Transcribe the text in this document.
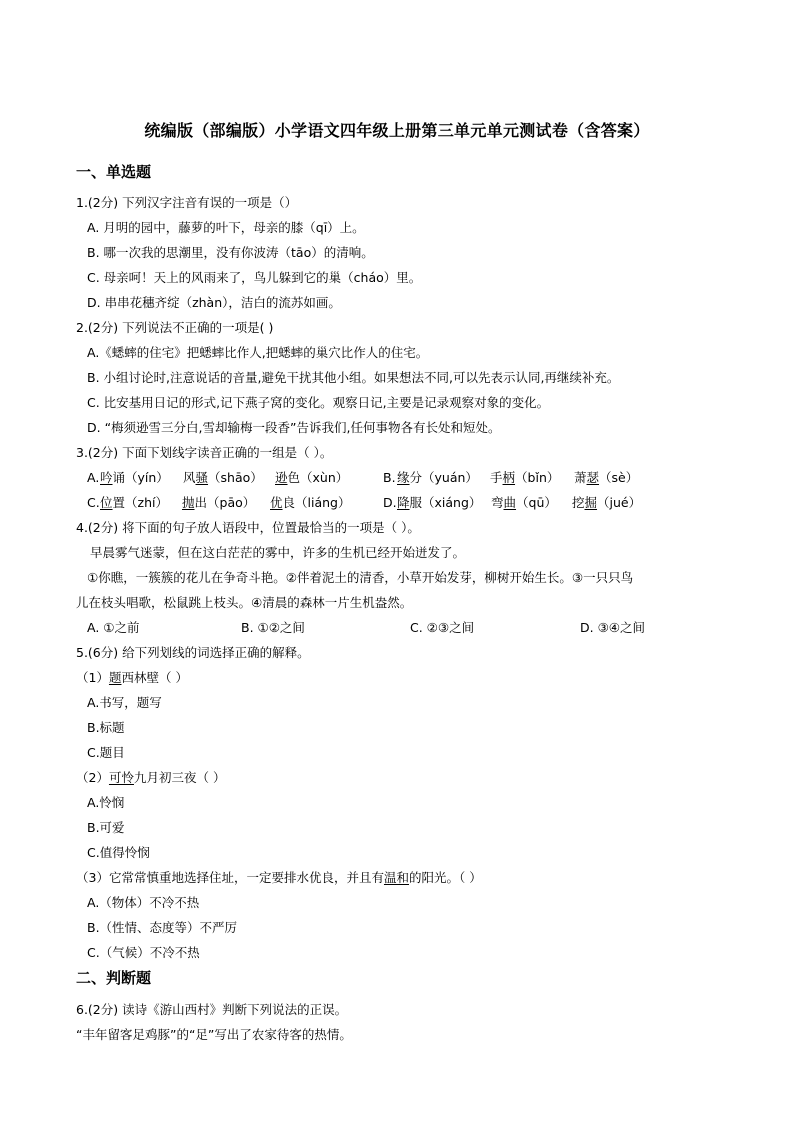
统编版（部编版）小学语文四年级上册第三单元单元测试卷（含答案）
一、单选题
1.(2分) 下列汉字注音有误的一项是（）
A. 月明的园中，藤萝的叶下，母亲的膝（qī）上。
B. 哪一次我的思潮里，没有你波涛（tāo）的清响。
C. 母亲呵！天上的风雨来了，鸟儿躲到它的巢（cháo）里。
D. 串串花穗齐绽（zhàn），洁白的流苏如画。
2.(2分) 下列说法不正确的一项是( )
A.《蟋蟀的住宅》把蟋蟀比作人,把蟋蟀的巢穴比作人的住宅。
B. 小组讨论时,注意说话的音量,避免干扰其他小组。如果想法不同,可以先表示认同,再继续补充。
C. 比安基用日记的形式,记下燕子窝的变化。观察日记,主要是记录观察对象的变化。
D. “梅须逊雪三分白,雪却输梅一段香”告诉我们,任何事物各有长处和短处。
3.(2分) 下面下划线字读音正确的一组是（ ）。
A. 吟诵（yín） 风骚（shāo） 逊色（xùn）	B. 缘分（yuán） 手柄（bǐn） 萧瑟（sè）
C. 位置（zhí） 抛出（pāo） 优良（liáng）	D. 降服（xiáng） 弯曲（qū） 挖掘（jué）
4.(2分) 将下面的句子放人语段中，位置最恰当的一项是（ ）。
早晨雾气迷蒙，但在这白茫茫的雾中，许多的生机已经开始迸发了。
①你瞧，一簇簇的花儿在争奇斗艳。②伴着泥土的清香，小草开始发芽，柳树开始生长。③一只只鸟
儿在枝头唱歌，松鼠跳上枝头。④清晨的森林一片生机盎然。
A. ①之前	B. ①②之间	C. ②③之间	D. ③④之间
5.(6分) 给下列划线的词选择正确的解释。
（1）题西林壁（ ）
A.书写，题写
B.标题
C.题目
（2）可怜九月初三夜（ ）
A.怜悯
B.可爱
C.值得怜悯
（3）它常常慎重地选择住址，一定要排水优良，并且有温和的阳光。（ ）
A.（物体）不冷不热
B.（性情、态度等）不严厉
C.（气候）不冷不热
二、判断题
6.(2分) 读诗《游山西村》判断下列说法的正误。
“丰年留客足鸡豚”的“足”写出了农家待客的热情。
